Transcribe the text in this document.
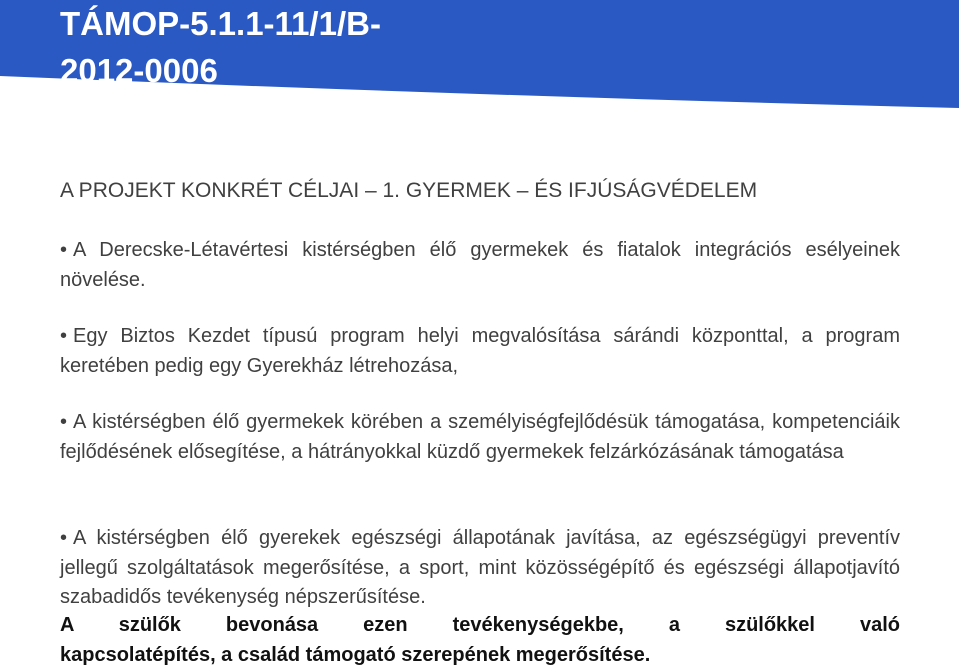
TÁMOP-5.1.1-11/1/B-
2012-0006
A PROJEKT KONKRÉT CÉLJAI – 1. GYERMEK – ÉS IFJÚSÁGVÉDELEM

• A Derecske-Létavértesi kistérségben élő gyermekek és fiatalok integrációs esélyeinek növelése.

• Egy Biztos Kezdet típusú program helyi megvalósítása sárándi központtal, a program keretében pedig egy Gyerekház létrehozása,

• A kistérségben élő gyermekek körében a személyiségfejlődésük támogatása, kompetenciáik fejlődésének elősegítése, a hátrányokkal küzdő gyermekek felzárkózásának támogatása

• A kistérségben élő gyerekek egészségi állapotának javítása, az egészségügyi preventív jellegű szolgáltatások megerősítése, a sport, mint közösségépítő és egészségi állapotjavító szabadidős tevékenység népszerűsítése.

A szülők bevonása ezen tevékenységekbe, a szülőkkel való
kapcsolatépítés, a család támogató szerepének megerősítése.
